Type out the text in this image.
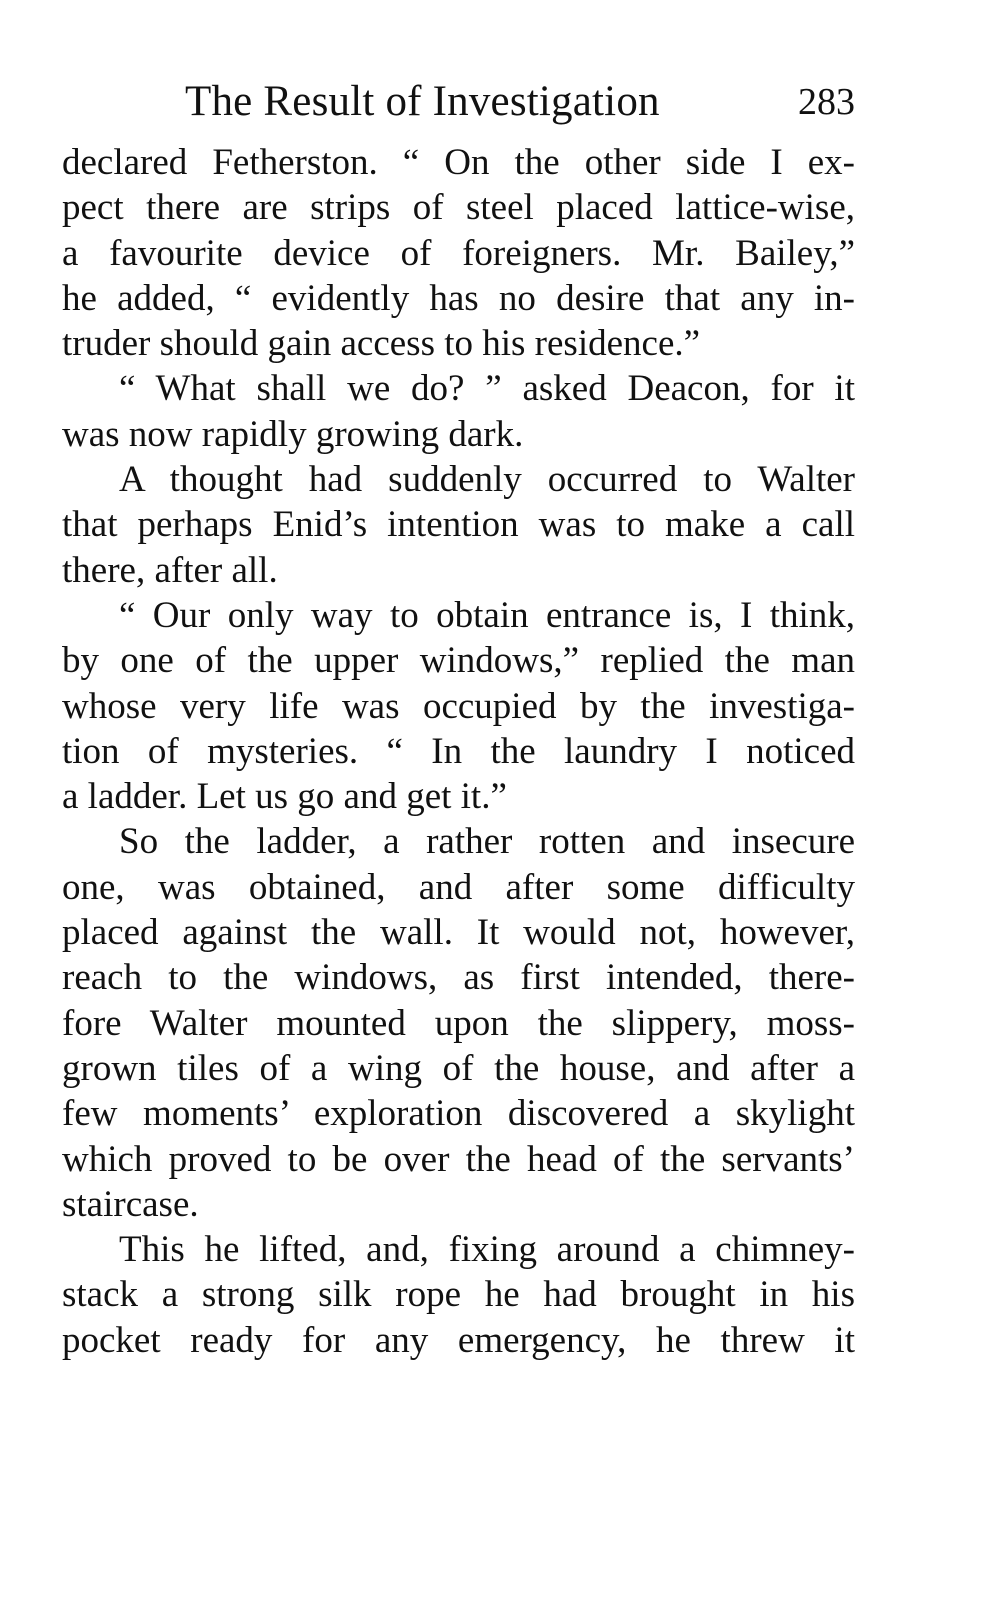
The Result of Investigation	283
declared Fetherston. “ On the other side I ex-
pect there are strips of steel placed lattice-wise,
a favourite device of foreigners. Mr. Bailey,”
he added, “ evidently has no desire that any in-
truder should gain access to his residence.”
“ What shall we do? ” asked Deacon, for it
was now rapidly growing dark.
A thought had suddenly occurred to Walter
that perhaps Enid’s intention was to make a call
there, after all.
“ Our only way to obtain entrance is, I think,
by one of the upper windows,” replied the man
whose very life was occupied by the investiga-
tion of mysteries. “ In the laundry I noticed
a ladder. Let us go and get it.”
So the ladder, a rather rotten and insecure
one, was obtained, and after some difficulty
placed against the wall. It would not, however,
reach to the windows, as first intended, there-
fore Walter mounted upon the slippery, moss-
grown tiles of a wing of the house, and after a
few moments’ exploration discovered a skylight
which proved to be over the head of the servants’
staircase.
This he lifted, and, fixing around a chimney-
stack a strong silk rope he had brought in his
pocket ready for any emergency, he threw it
